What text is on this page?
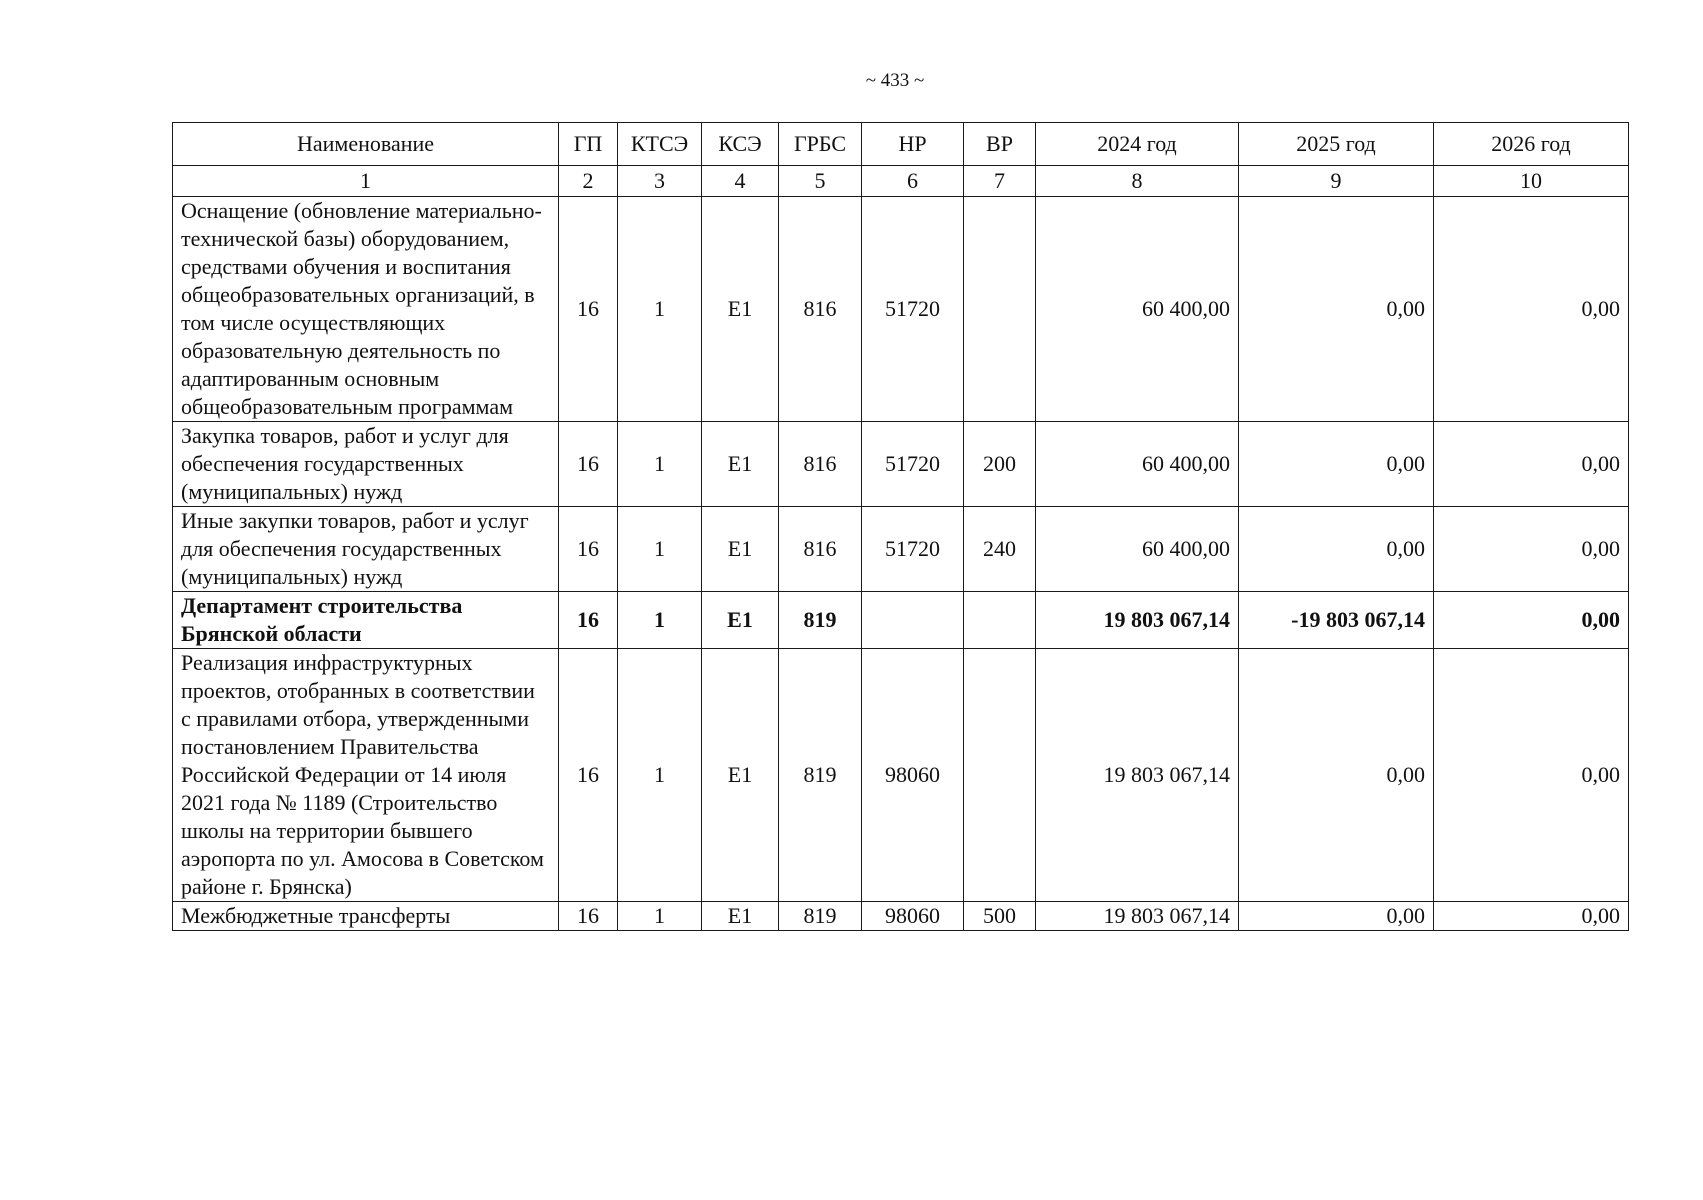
~ 433 ~
Наименование	ГП	КТСЭ	КСЭ	ГРБС	НР	ВР	2024 год	2025 год	2026 год
1	2	3	4	5	6	7	8	9	10
Оснащение (обновление материально-технической базы) оборудованием, средствами обучения и воспитания общеобразовательных организаций, в том числе осуществляющих образовательную деятельность по адаптированным основным общеобразовательным программам	16	1	E1	816	51720		60 400,00	0,00	0,00
Закупка товаров, работ и услуг для обеспечения государственных (муниципальных) нужд	16	1	E1	816	51720	200	60 400,00	0,00	0,00
Иные закупки товаров, работ и услуг для обеспечения государственных (муниципальных) нужд	16	1	E1	816	51720	240	60 400,00	0,00	0,00
Департамент строительства Брянской области	16	1	E1	819			19 803 067,14	-19 803 067,14	0,00
Реализация инфраструктурных проектов, отобранных в соответствии с правилами отбора, утвержденными постановлением Правительства Российской Федерации от 14 июля 2021 года № 1189 (Строительство школы на территории бывшего аэропорта по ул. Амосова в Советском районе г. Брянска)	16	1	E1	819	98060		19 803 067,14	0,00	0,00
Межбюджетные трансферты	16	1	E1	819	98060	500	19 803 067,14	0,00	0,00
